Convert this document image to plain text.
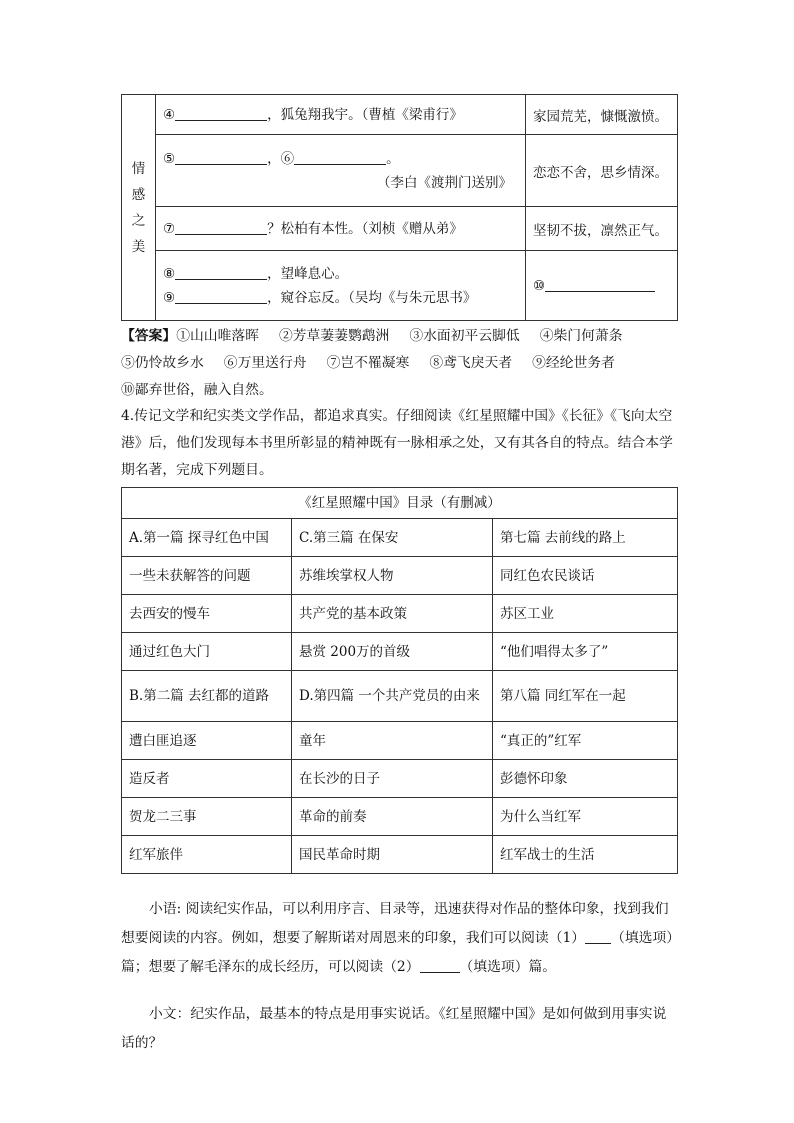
情
感
之
美	④ ，狐兔翔我宇。（曹植《梁甫行》	家园荒芜，慷慨激愤。

	⑤ ，⑥ 。
（李白《渡荆门送别》	恋恋不舍，思乡情深。

	⑦ ？松柏有本性。（刘桢《赠从弟》	坚韧不拔，凛然正气。

	⑧ ，望峰息心。
⑨ ，窥谷忘反。（吴均《与朱元思书》	⑩
【答案】①山山唯落晖 ②芳草萋萋鹦鹉洲 ③水面初平云脚低 ④柴门何萧条
⑤仍怜故乡水 ⑥万里送行舟 ⑦岂不罹凝寒 ⑧鸢飞戾天者 ⑨经纶世务者
⑩鄙弃世俗，融入自然。
4.传记文学和纪实类文学作品，都追求真实。仔细阅读《红星照耀中国》《长征》《飞向太空
港》后，他们发现每本书里所彰显的精神既有一脉相承之处，又有其各自的特点。结合本学
期名著，完成下列题目。
《红星照耀中国》目录（有删减）		
A.第一篇 探寻红色中国	C.第三篇 在保安	第七篇 去前线的路上
一些未获解答的问题	苏维埃掌权人物	同红色农民谈话
去西安的慢车	共产党的基本政策	苏区工业
通过红色大门	悬赏 200万的首级	“他们唱得太多了”
B.第二篇 去红都的道路	D.第四篇 一个共产党员的由来	第八篇 同红军在一起
遭白匪追逐	童年	“真正的”红军
造反者	在长沙的日子	彭德怀印象
贺龙二三事	革命的前奏	为什么当红军
红军旅伴	国民革命时期	红军战士的生活
小语: 阅读纪实作品，可以利用序言、目录等，迅速获得对作品的整体印象，找到我们
想要阅读的内容。例如，想要了解斯诺对周恩来的印象，我们可以阅读（1） （填选项）
篇；想要了解毛泽东的成长经历，可以阅读（2）	（填选项）篇。
小文：纪实作品，最基本的特点是用事实说话。《红星照耀中国》是如何做到用事实说
话的？
